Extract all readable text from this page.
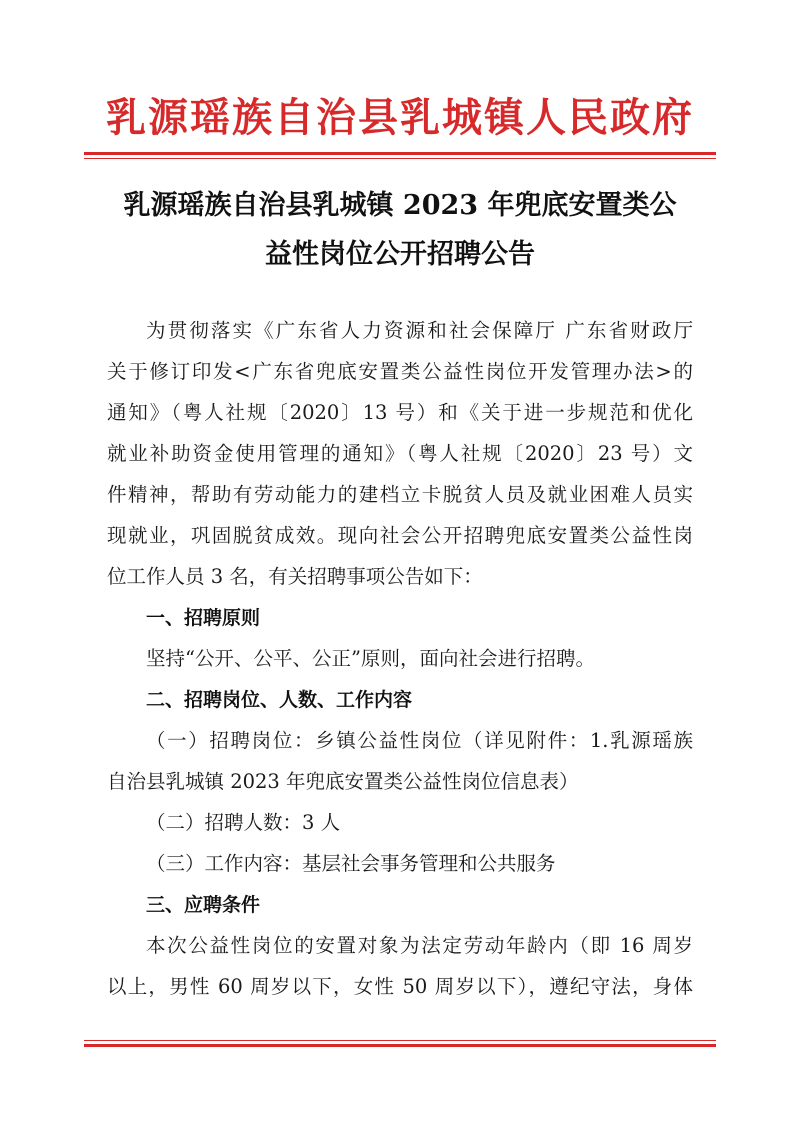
乳源瑶族自治县乳城镇人民政府
乳源瑶族自治县乳城镇 2023 年兜底安置类公
益性岗位公开招聘公告
为贯彻落实《广东省人力资源和社会保障厅 广东省财政厅
关于修订印发<广东省兜底安置类公益性岗位开发管理办法>的
通知》（粤人社规〔2020〕13 号）和《关于进一步规范和优化
就业补助资金使用管理的通知》（粤人社规〔2020〕23 号）文
件精神，帮助有劳动能力的建档立卡脱贫人员及就业困难人员实
现就业，巩固脱贫成效。现向社会公开招聘兜底安置类公益性岗
位工作人员 3 名，有关招聘事项公告如下：
一、招聘原则
坚持“公开、公平、公正”原则，面向社会进行招聘。
二、招聘岗位、人数、工作内容
（一）招聘岗位：乡镇公益性岗位（详见附件：1.乳源瑶族
自治县乳城镇 2023 年兜底安置类公益性岗位信息表）
（二）招聘人数：3 人
（三）工作内容：基层社会事务管理和公共服务
三、应聘条件
本次公益性岗位的安置对象为法定劳动年龄内（即 16 周岁
以上，男性 60 周岁以下，女性 50 周岁以下），遵纪守法，身体
